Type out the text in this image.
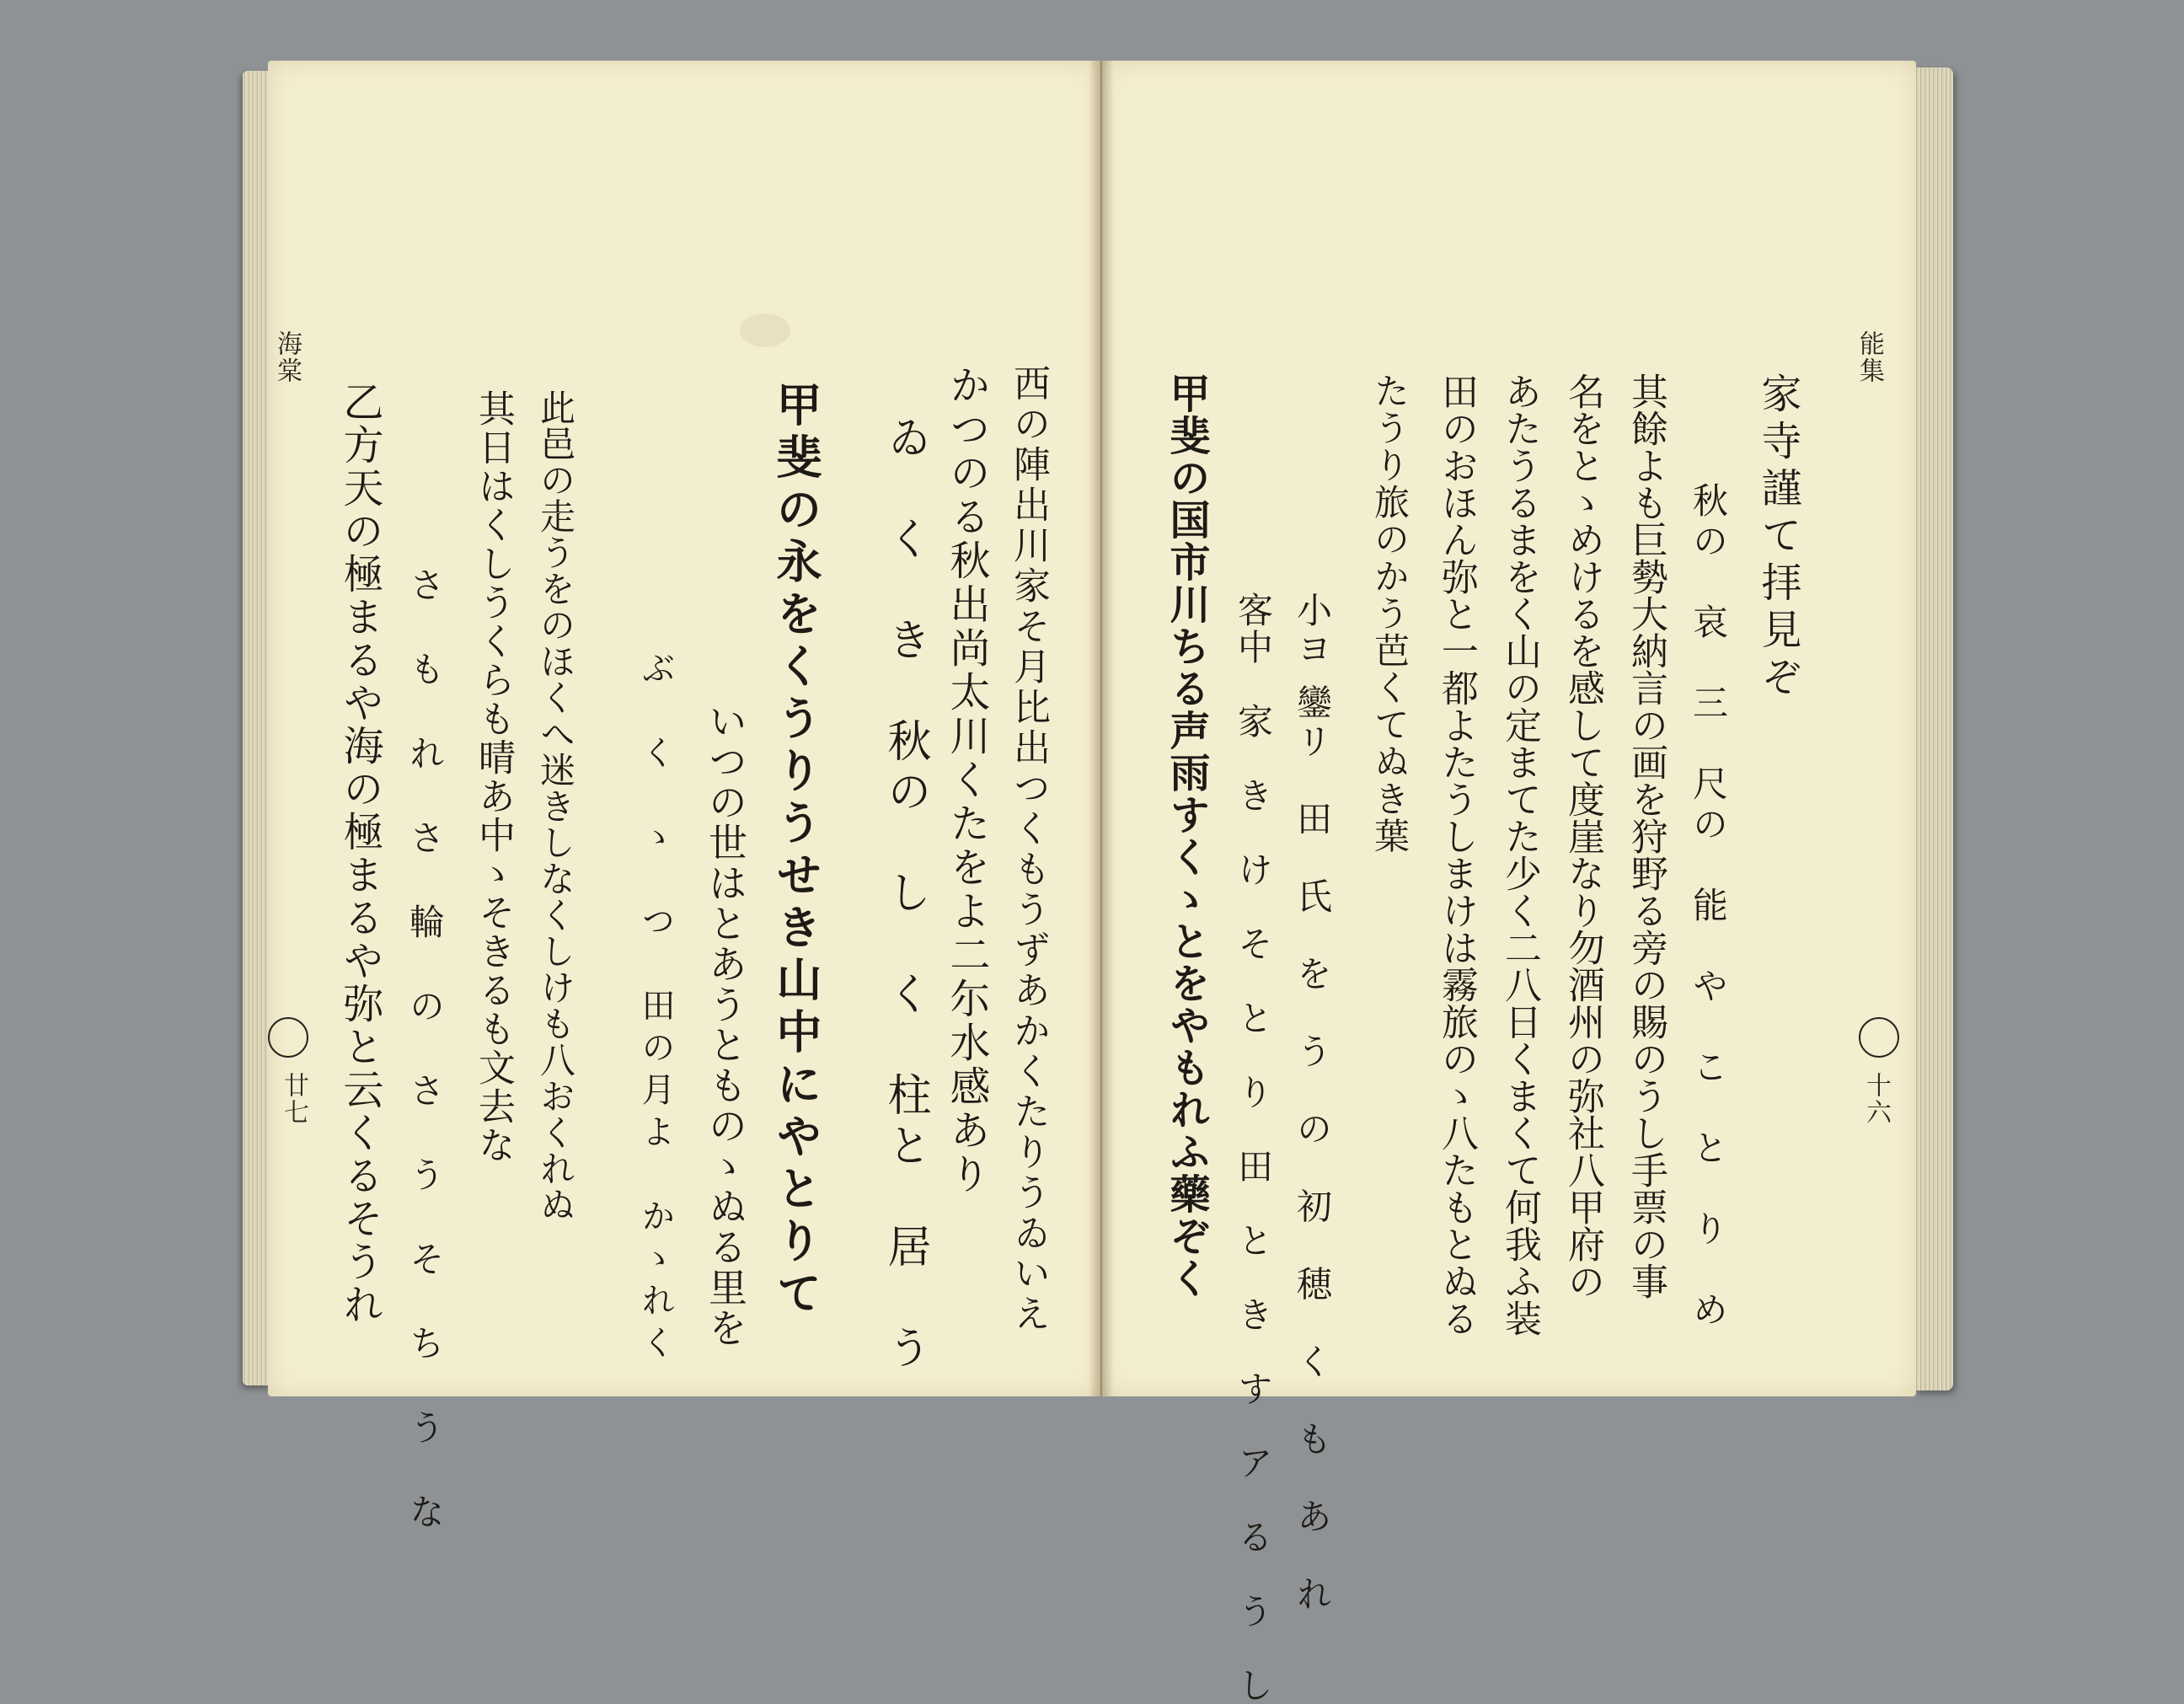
海棠
廿七	西の陣出川家そ月比出つくもうずあかくたりうゐいえ
かつのる秋出尚太川くたをよ二尓水感あり
ゐ　く　き　秋の　し　く　柱と　居　う
甲斐の永をくうりうせき山中にやとりて
いつの世はとあうとものゝぬる里を
ぶ　く　ゝ　つ　田の月よ　かゝれく
此邑の走うをのほくへ迷きしなくしけも八おくれぬ
其日はくしうくらも晴あ中ゝそきるも文去な
さ　も　れ　さ　輪　の　さ　う　そ　ち　う　な
乙方天の極まるや海の極まるや弥と云くるそうれ
能集
十六
家寺謹て拝見ぞ
秋の　哀　三　尺の　能　や　こ　と　り　め
其餘よも巨勢大納言の画を狩野る旁の賜のうし手票の事
名をとゝめけるを感して度崖なり勿酒州の弥社八甲府の
あたうるまをく山の定まてた少く二八日くまくて何我ふ装
田のおほん弥と一都よたうしまけは霧旅のゝ八たもとぬる
たうり旅のかう芭くてぬき葉
小ヨ 鑾リ　田　氏　を　う　の　初　穂　く　も　あ　れ
客中　家　き　け　そ　と　り　田　と　き　す　ア　る　う　し
甲斐の国市川ちる声雨すくゝとをやもれふ藥ぞく
